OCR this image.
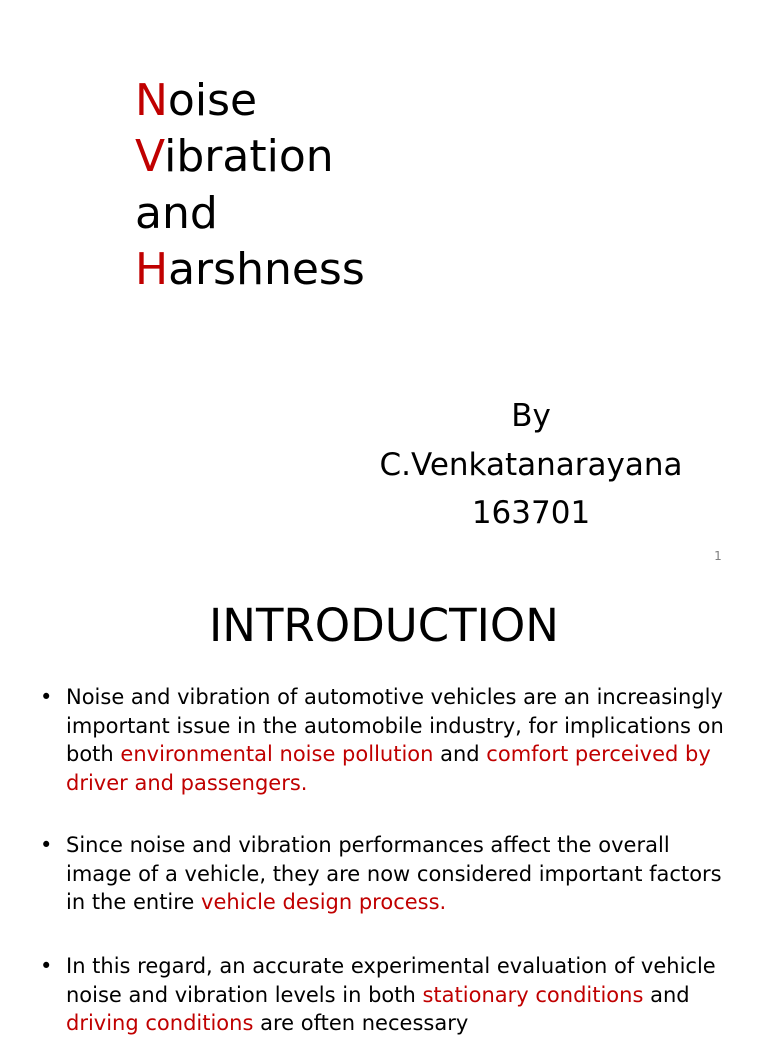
Noise
Vibration
and
Harshness
By
C.Venkatanarayana
163701
1
INTRODUCTION
• Noise and vibration of automotive vehicles are an increasingly important issue in the automobile industry, for implications on both environmental noise pollution and comfort perceived by driver and passengers.
• Since noise and vibration performances affect the overall image of a vehicle, they are now considered important factors in the entire vehicle design process.
• In this regard, an accurate experimental evaluation of vehicle noise and vibration levels in both stationary conditions and driving conditions are often necessary
